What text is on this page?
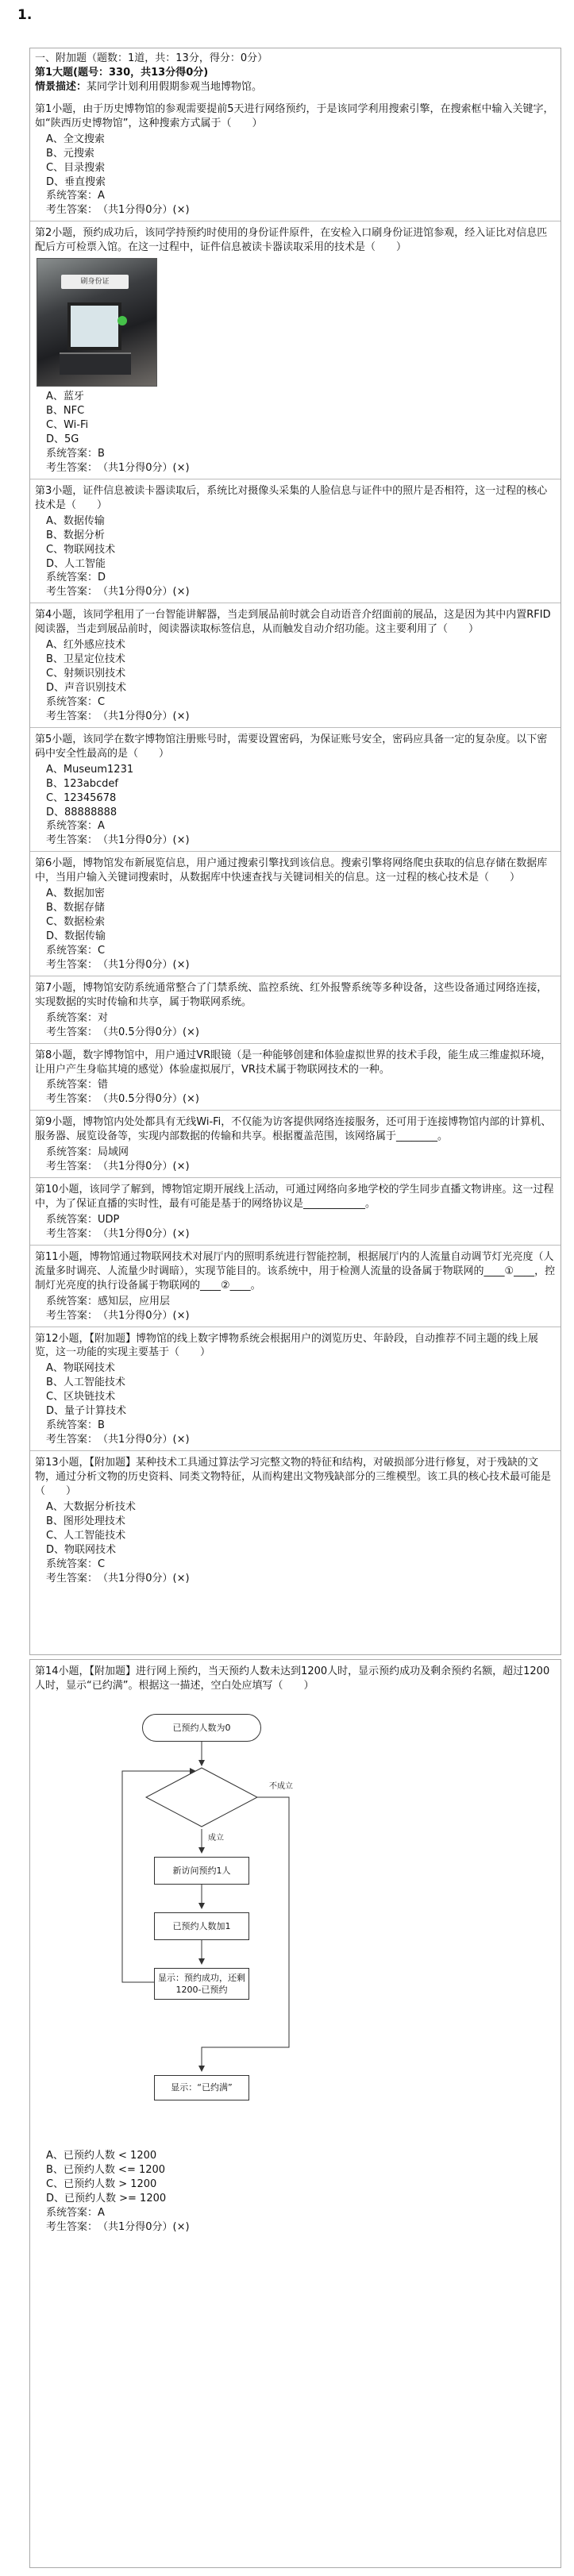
1.
一、附加题（题数：1道，共：13分，得分：0分）
第1大题(题号：330，共13分得0分)
情景描述：某同学计划利用假期参观当地博物馆。
第1小题，由于历史博物馆的参观需要提前5天进行网络预约，于是该同学利用搜索引擎，在搜索框中输入关键字，如“陕西历史博物馆”，这种搜索方式属于（　　）
A、全文搜索
B、元搜索
C、目录搜索
D、垂直搜索
系统答案：A
考生答案：　（共1分得0分）(×)
第2小题，预约成功后，该同学持预约时使用的身份证件原件，在安检入口刷身份证进馆参观，经入证比对信息匹配后方可检票入馆。在这一过程中，证件信息被读卡器读取采用的技术是（　　）
刷身份证
A、蓝牙
B、NFC
C、Wi-Fi
D、5G
系统答案：B
考生答案：　（共1分得0分）(×)
第3小题，证件信息被读卡器读取后，系统比对摄像头采集的人脸信息与证件中的照片是否相符，这一过程的核心技术是（　　）
A、数据传输
B、数据分析
C、物联网技术
D、人工智能
系统答案：D
考生答案：　（共1分得0分）(×)
第4小题，该同学租用了一台智能讲解器，当走到展品前时就会自动语音介绍面前的展品，这是因为其中内置RFID阅读器，当走到展品前时，阅读器读取标签信息，从而触发自动介绍功能。这主要利用了（　　）
A、红外感应技术
B、卫星定位技术
C、射频识别技术
D、声音识别技术
系统答案：C
考生答案：　（共1分得0分）(×)
第5小题，该同学在数字博物馆注册账号时，需要设置密码，为保证账号安全，密码应具备一定的复杂度。以下密码中安全性最高的是（　　）
A、Museum1231
B、123abcdef
C、12345678
D、88888888
系统答案：A
考生答案：　（共1分得0分）(×)
第6小题，博物馆发布新展览信息，用户通过搜索引擎找到该信息。搜索引擎将网络爬虫获取的信息存储在数据库中，当用户输入关键词搜索时，从数据库中快速查找与关键词相关的信息。这一过程的核心技术是（　　）
A、数据加密
B、数据存储
C、数据检索
D、数据传输
系统答案：C
考生答案：　（共1分得0分）(×)
第7小题，博物馆安防系统通常整合了门禁系统、监控系统、红外报警系统等多种设备，这些设备通过网络连接，实现数据的实时传输和共享，属于物联网系统。
系统答案：对
考生答案：　（共0.5分得0分）(×)
第8小题，数字博物馆中，用户通过VR眼镜（是一种能够创建和体验虚拟世界的技术手段，能生成三维虚拟环境，让用户产生身临其境的感觉）体验虚拟展厅，VR技术属于物联网技术的一种。
系统答案：错
考生答案：　（共0.5分得0分）(×)
第9小题，博物馆内处处都具有无线Wi-Fi，不仅能为访客提供网络连接服务，还可用于连接博物馆内部的计算机、服务器、展览设备等，实现内部数据的传输和共享。根据覆盖范围，该网络属于________。
系统答案：局域网
考生答案：　（共1分得0分）(×)
第10小题，该同学了解到，博物馆定期开展线上活动，可通过网络向多地学校的学生同步直播文物讲座。这一过程中，为了保证直播的实时性，最有可能是基于的网络协议是____________。
系统答案：UDP
考生答案：　（共1分得0分）(×)
第11小题，博物馆通过物联网技术对展厅内的照明系统进行智能控制，根据展厅内的人流量自动调节灯光亮度（人流量多时调亮、人流量少时调暗），实现节能目的。该系统中，用于检测人流量的设备属于物联网的____①____，控制灯光亮度的执行设备属于物联网的____②____。
系统答案：感知层，应用层
考生答案：　（共1分得0分）(×)
第12小题，【附加题】博物馆的线上数字博物系统会根据用户的浏览历史、年龄段，自动推荐不同主题的线上展览，这一功能的实现主要基于（　　）
A、物联网技术
B、人工智能技术
C、区块链技术
D、量子计算技术
系统答案：B
考生答案：　（共1分得0分）(×)
第13小题，【附加题】某种技术工具通过算法学习完整文物的特征和结构，对破损部分进行修复，对于残缺的文物，通过分析文物的历史资料、同类文物特征，从而构建出文物残缺部分的三维模型。该工具的核心技术最可能是（　　）
A、大数据分析技术
B、图形处理技术
C、人工智能技术
D、物联网技术
系统答案：C
考生答案：　（共1分得0分）(×)
第14小题，【附加题】进行网上预约，当天预约人数未达到1200人时，显示预约成功及剩余预约名额，超过1200人时，显示“已约满”。根据这一描述，空白处应填写（　　）
已预约人数为0
不成立
成立
新访问预约1人
已预约人数加1
显示：预约成功，还剩1200-已预约
显示：“已约满”
A、已预约人数 < 1200
B、已预约人数 <= 1200
C、已预约人数 > 1200
D、已预约人数 >= 1200
系统答案：A
考生答案：　（共1分得0分）(×)
